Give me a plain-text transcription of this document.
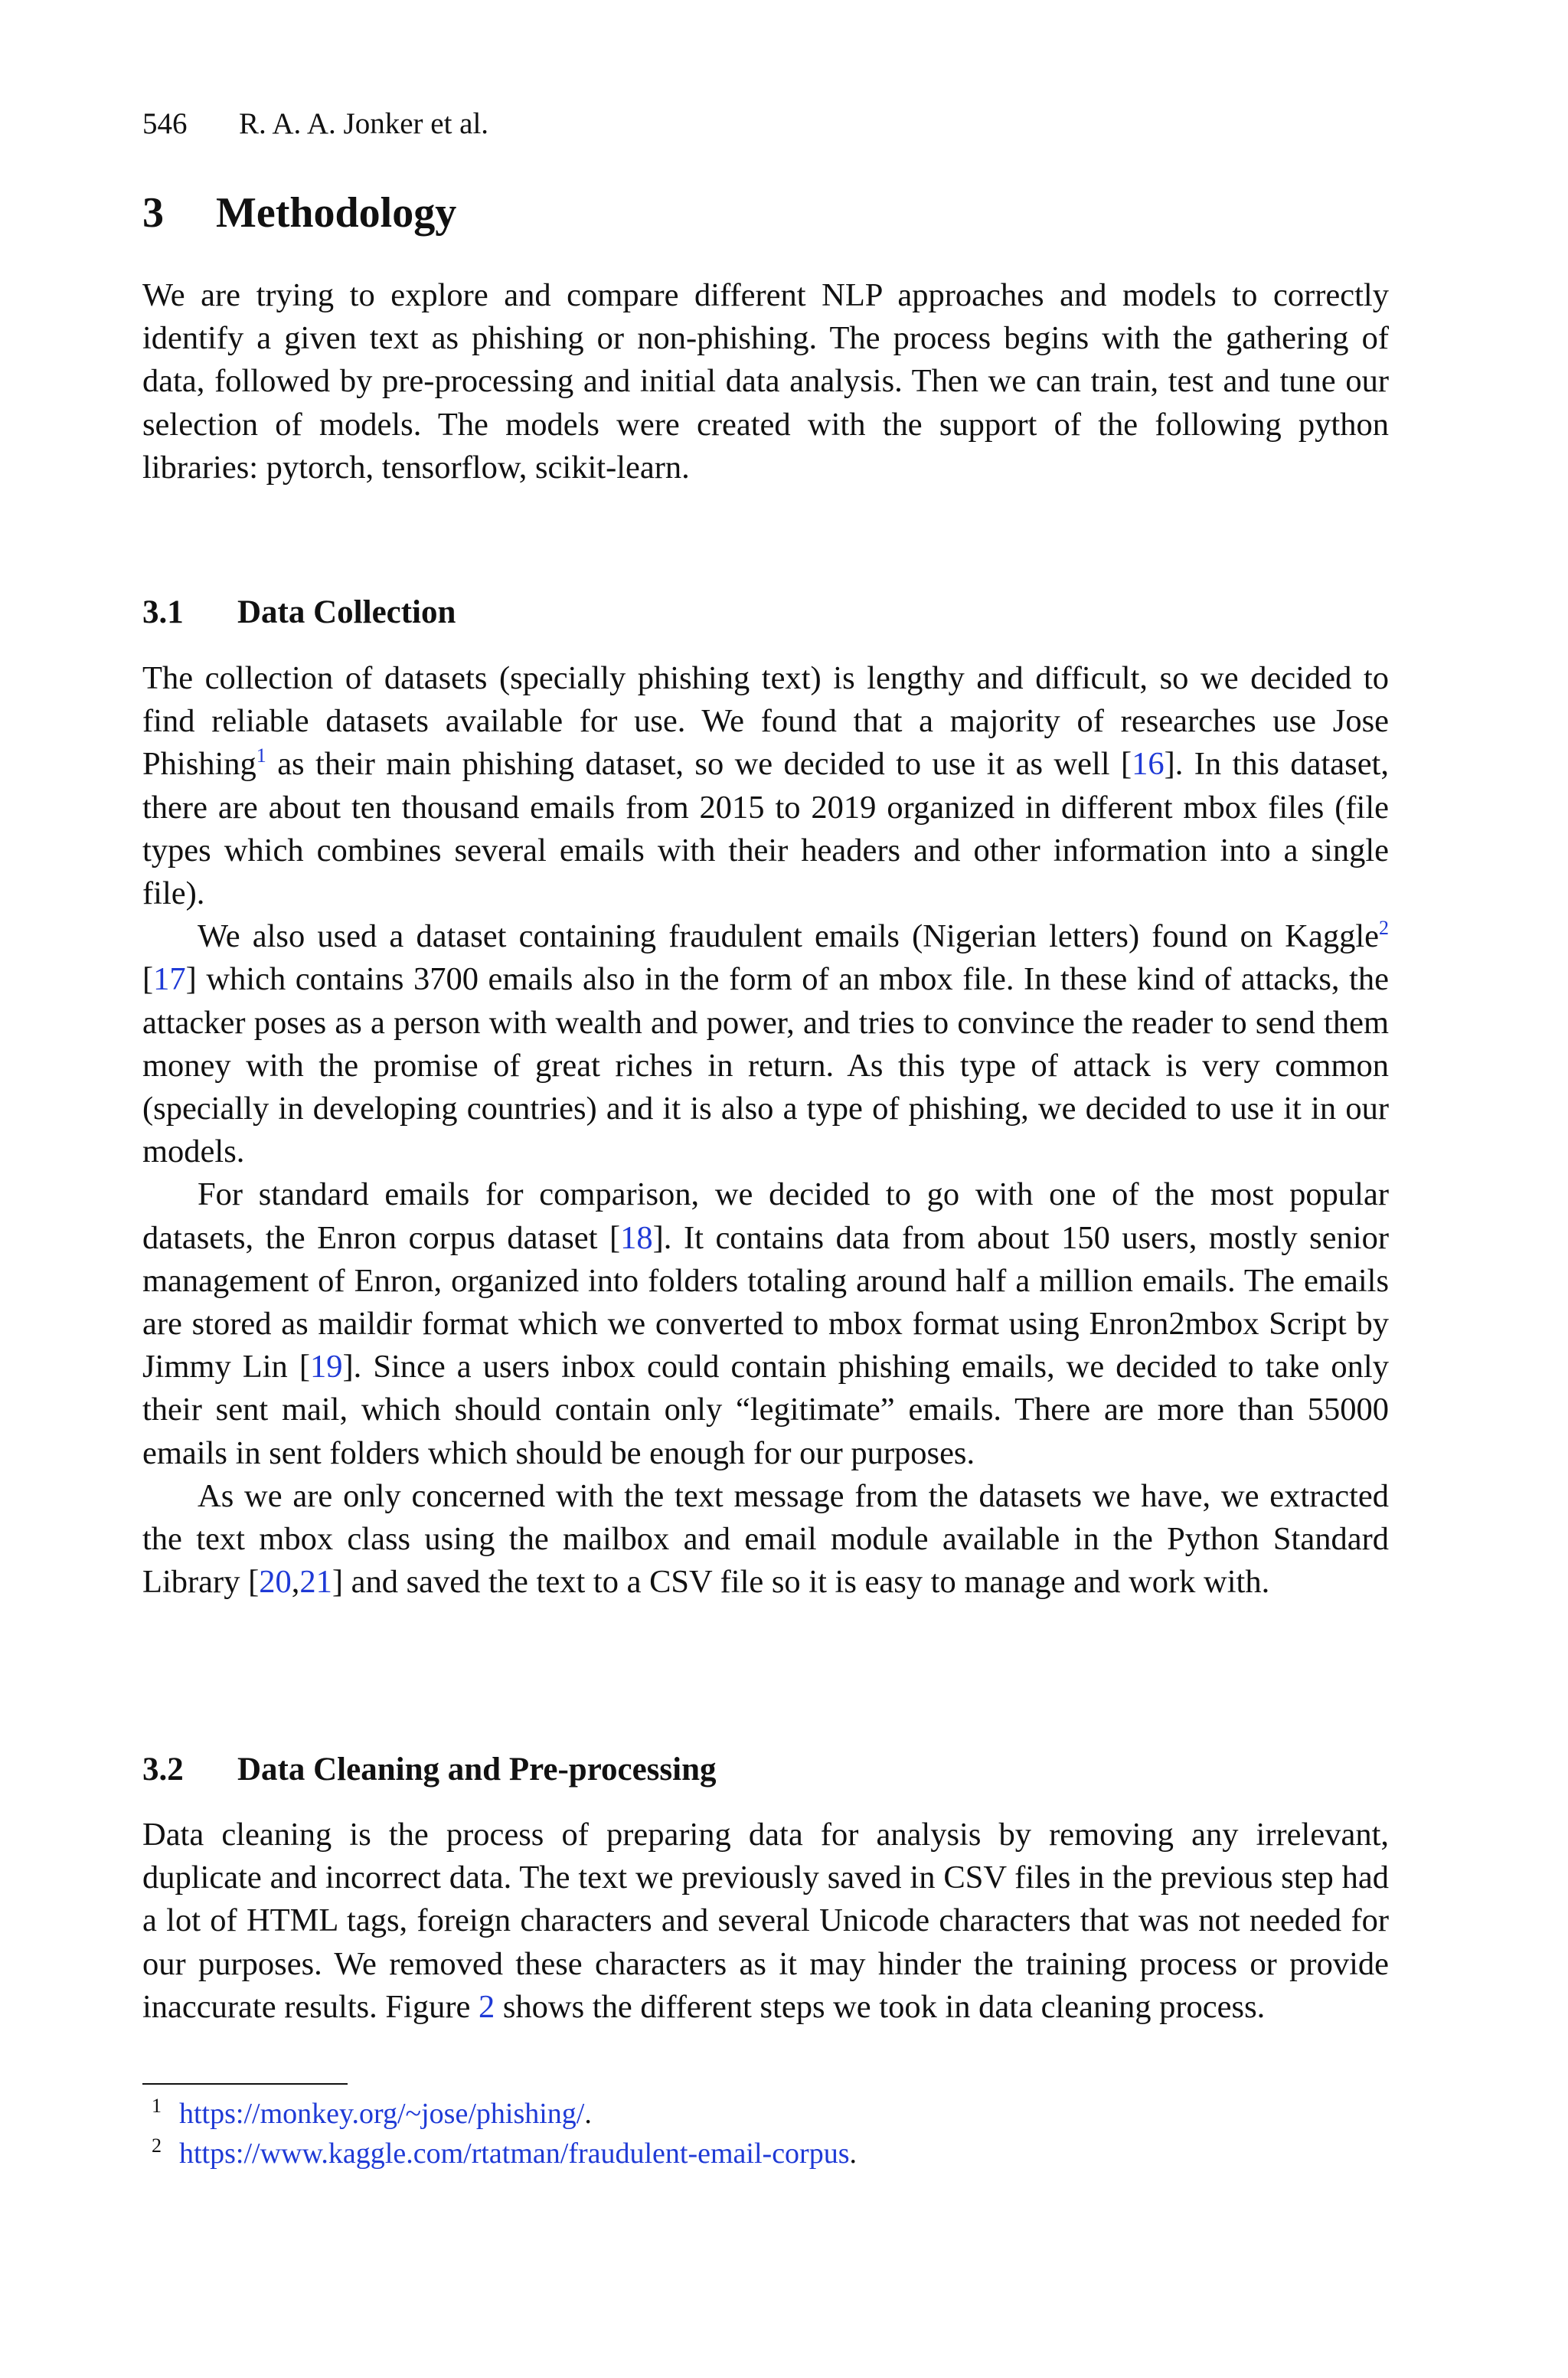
546 R. A. A. Jonker et al.
3 Methodology

We are trying to explore and compare different NLP approaches and models to correctly identify a given text as phishing or non-phishing. The process begins with the gathering of data, followed by pre-processing and initial data analysis. Then we can train, test and tune our selection of models. The models were created with the support of the following python libraries: pytorch, tensorflow, scikit-learn.

3.1 Data Collection

The collection of datasets (specially phishing text) is lengthy and difficult, so we decided to find reliable datasets available for use. We found that a majority of researches use Jose Phishing$^1$ as their main phishing dataset, so we decided to use it as well [16]. In this dataset, there are about ten thousand emails from 2015 to 2019 organized in different mbox files (file types which combines several emails with their headers and other information into a single file).

We also used a dataset containing fraudulent emails (Nigerian letters) found on Kaggle$^2$ [17] which contains 3700 emails also in the form of an mbox file. In these kind of attacks, the attacker poses as a person with wealth and power, and tries to convince the reader to send them money with the promise of great riches in return. As this type of attack is very common (specially in developing countries) and it is also a type of phishing, we decided to use it in our models.

For standard emails for comparison, we decided to go with one of the most popular datasets, the Enron corpus dataset [18]. It contains data from about 150 users, mostly senior management of Enron, organized into folders totaling around half a million emails. The emails are stored as maildir format which we converted to mbox format using Enron2mbox Script by Jimmy Lin [19]. Since a users inbox could contain phishing emails, we decided to take only their sent mail, which should contain only “legitimate” emails. There are more than 55000 emails in sent folders which should be enough for our purposes.

As we are only concerned with the text message from the datasets we have, we extracted the text mbox class using the mailbox and email module available in the Python Standard Library [20,21] and saved the text to a CSV file so it is easy to manage and work with.

3.2 Data Cleaning and Pre-processing

Data cleaning is the process of preparing data for analysis by removing any irrelevant, duplicate and incorrect data. The text we previously saved in CSV files in the previous step had a lot of HTML tags, foreign characters and several Unicode characters that was not needed for our purposes. We removed these characters as it may hinder the training process or provide inaccurate results. Figure 2 shows the different steps we took in data cleaning process.

1 https://monkey.org/~jose/phishing/.
2 https://www.kaggle.com/rtatman/fraudulent-email-corpus.
